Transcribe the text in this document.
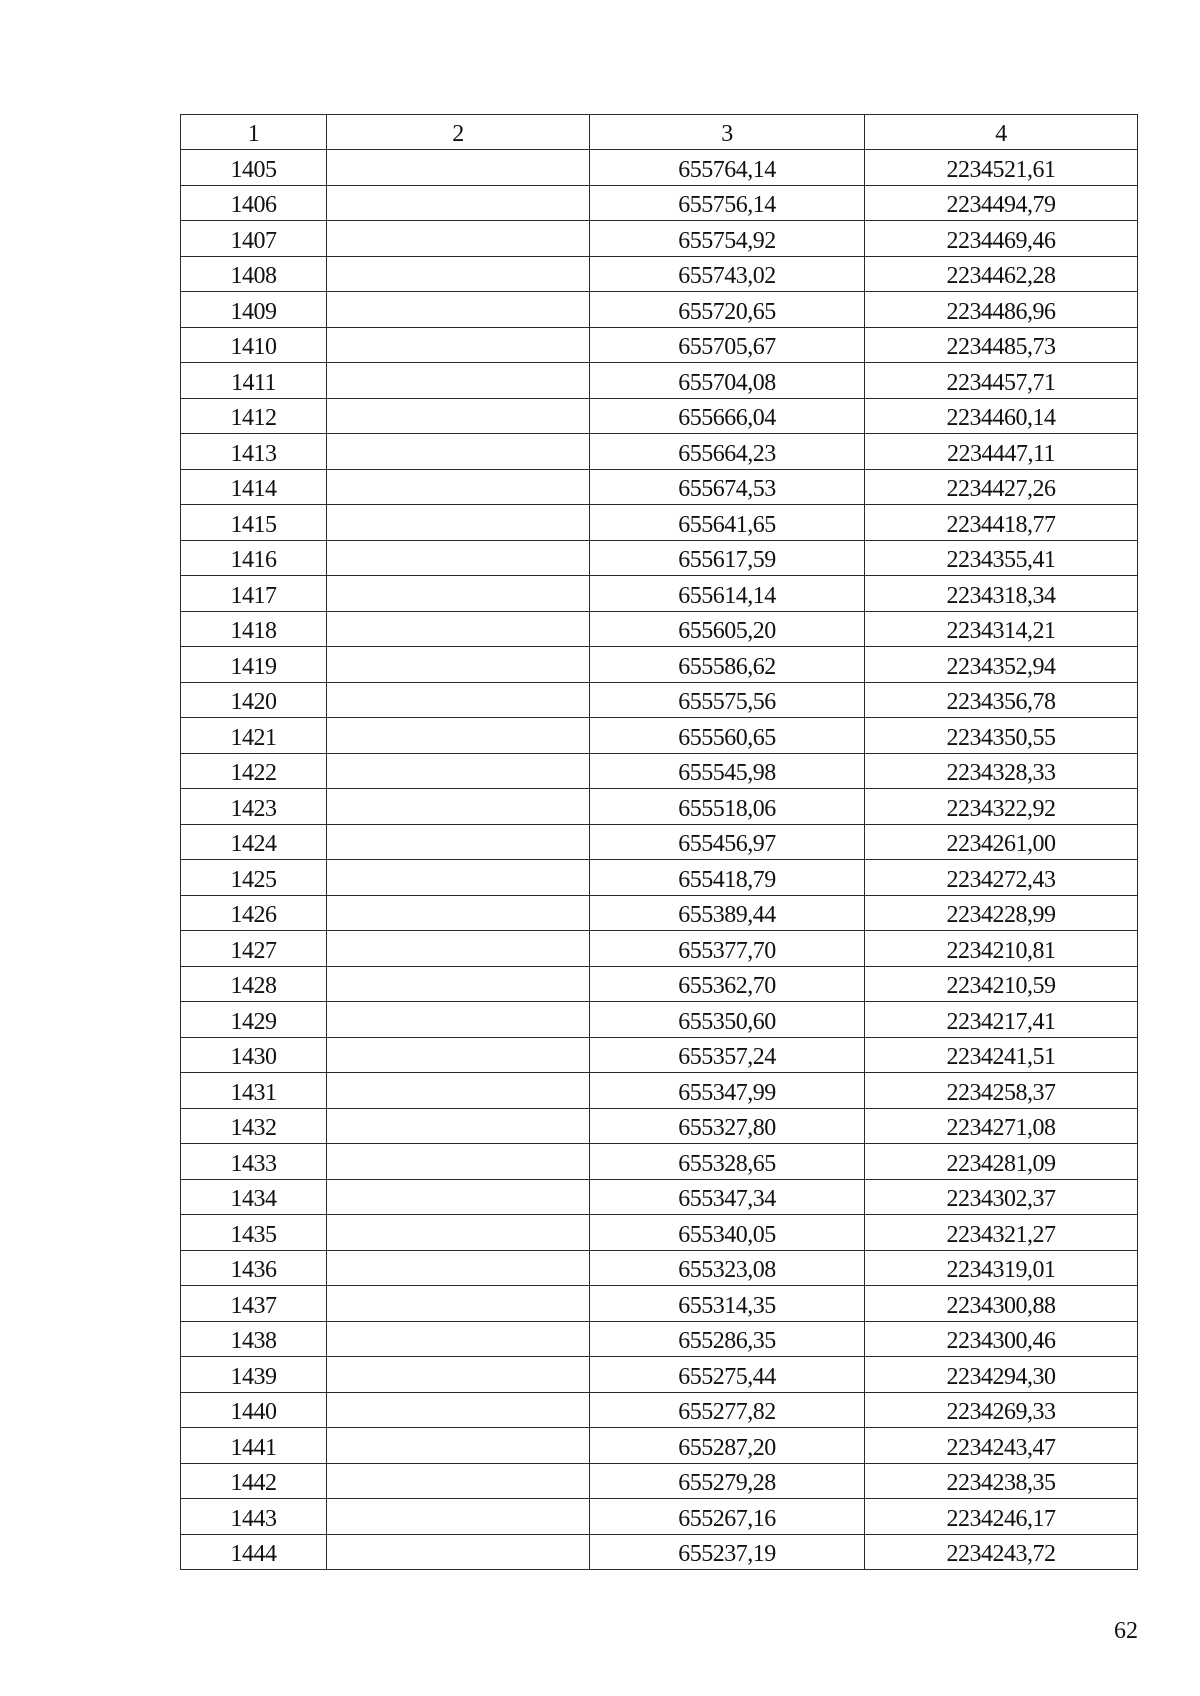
1	2	3	4
1405		655764,14	2234521,61
1406		655756,14	2234494,79
1407		655754,92	2234469,46
1408		655743,02	2234462,28
1409		655720,65	2234486,96
1410		655705,67	2234485,73
1411		655704,08	2234457,71
1412		655666,04	2234460,14
1413		655664,23	2234447,11
1414		655674,53	2234427,26
1415		655641,65	2234418,77
1416		655617,59	2234355,41
1417		655614,14	2234318,34
1418		655605,20	2234314,21
1419		655586,62	2234352,94
1420		655575,56	2234356,78
1421		655560,65	2234350,55
1422		655545,98	2234328,33
1423		655518,06	2234322,92
1424		655456,97	2234261,00
1425		655418,79	2234272,43
1426		655389,44	2234228,99
1427		655377,70	2234210,81
1428		655362,70	2234210,59
1429		655350,60	2234217,41
1430		655357,24	2234241,51
1431		655347,99	2234258,37
1432		655327,80	2234271,08
1433		655328,65	2234281,09
1434		655347,34	2234302,37
1435		655340,05	2234321,27
1436		655323,08	2234319,01
1437		655314,35	2234300,88
1438		655286,35	2234300,46
1439		655275,44	2234294,30
1440		655277,82	2234269,33
1441		655287,20	2234243,47
1442		655279,28	2234238,35
1443		655267,16	2234246,17
1444		655237,19	2234243,72
62
